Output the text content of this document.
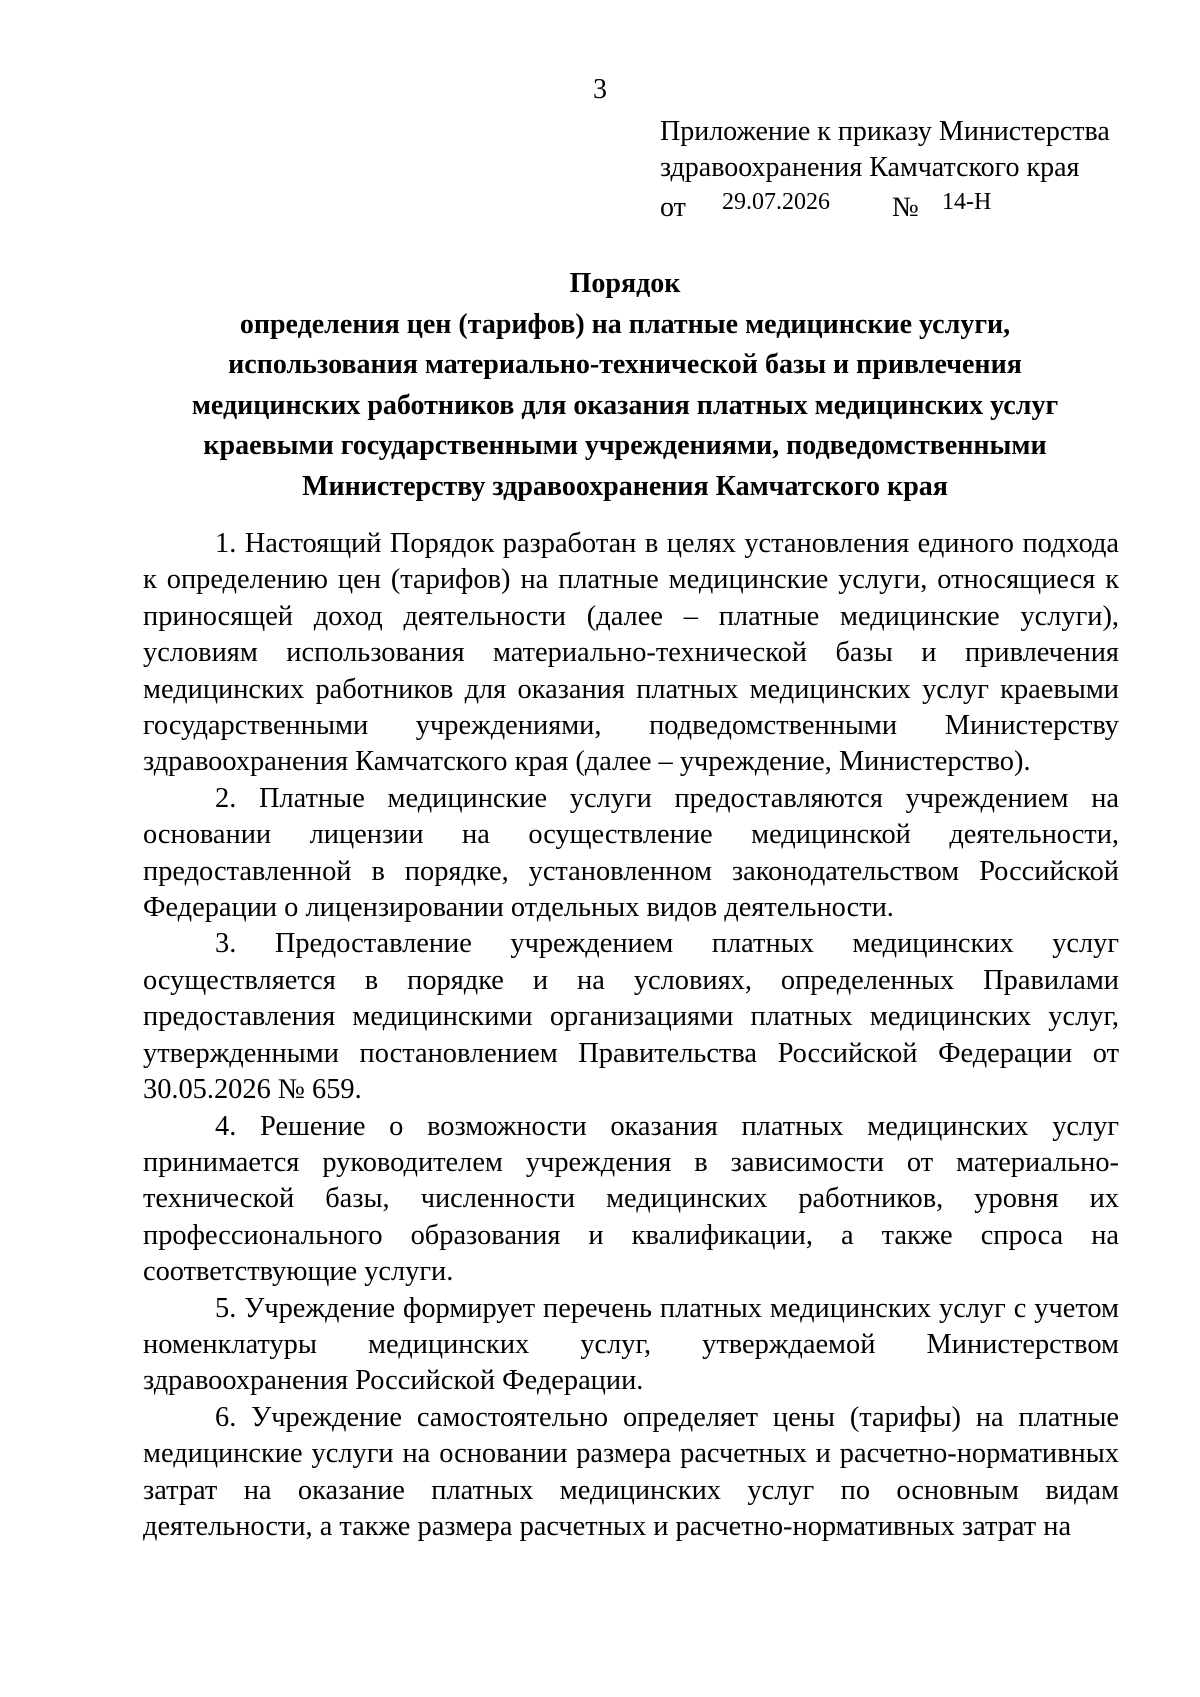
3
Приложение к приказу Министерства
здравоохранения Камчатского края
от 29.07.2026 № 14-Н
Порядок
определения цен (тарифов) на платные медицинские услуги,
использования материально-технической базы и привлечения
медицинских работников для оказания платных медицинских услуг
краевыми государственными учреждениями, подведомственными
Министерству здравоохранения Камчатского края

1. Настоящий Порядок разработан в целях установления единого подхода к определению цен (тарифов) на платные медицинские услуги, относящиеся к приносящей доход деятельности (далее – платные медицинские услуги), условиям использования материально-технической базы и привлечения медицинских работников для оказания платных медицинских услуг краевыми государственными учреждениями, подведомственными Министерству здравоохранения Камчатского края (далее – учреждение, Министерство).

2. Платные медицинские услуги предоставляются учреждением на основании лицензии на осуществление медицинской деятельности, предоставленной в порядке, установленном законодательством Российской Федерации о лицензировании отдельных видов деятельности.

3. Предоставление учреждением платных медицинских услуг осуществляется в порядке и на условиях, определенных Правилами предоставления медицинскими организациями платных медицинских услуг, утвержденными постановлением Правительства Российской Федерации от 30.05.2026 № 659.

4. Решение о возможности оказания платных медицинских услуг принимается руководителем учреждения в зависимости от материально-технической базы, численности медицинских работников, уровня их профессионального образования и квалификации, а также спроса на соответствующие услуги.

5. Учреждение формирует перечень платных медицинских услуг с учетом номенклатуры медицинских услуг, утверждаемой Министерством здравоохранения Российской Федерации.

6. Учреждение самостоятельно определяет цены (тарифы) на платные медицинские услуги на основании размера расчетных и расчетно-нормативных затрат на оказание платных медицинских услуг по основным видам деятельности, а также размера расчетных и расчетно-нормативных затрат на
